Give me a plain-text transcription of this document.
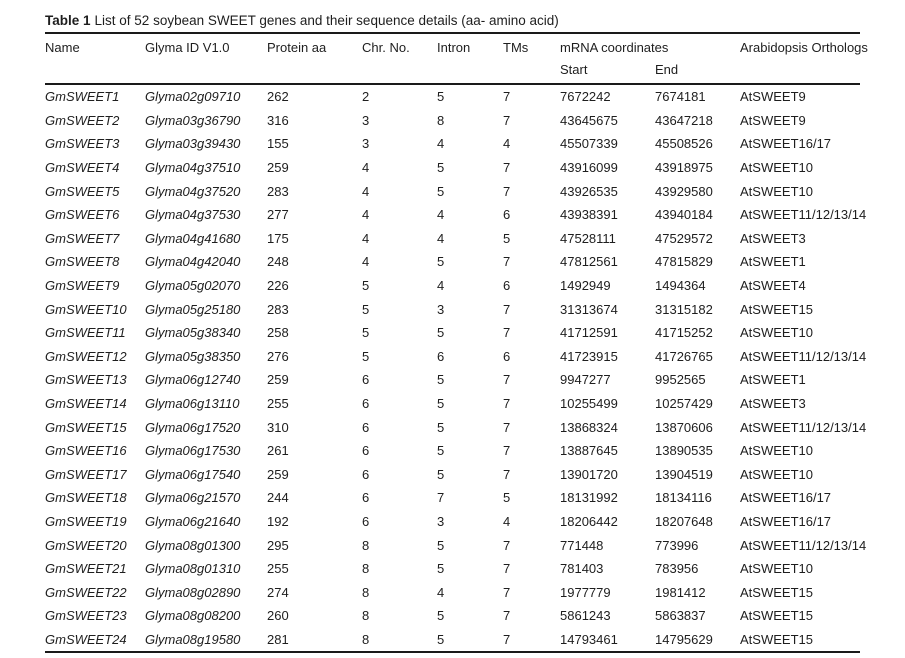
Table 1 List of 52 soybean SWEET genes and their sequence details (aa- amino acid)
Name	Glyma ID V1.0	Protein aa	Chr. No.	Intron	TMs	mRNA coordinates	Arabidopsis Orthologs
Start	End
GmSWEET1	Glyma02g09710	262	2	5	7	7672242	7674181	AtSWEET9
GmSWEET2	Glyma03g36790	316	3	8	7	43645675	43647218	AtSWEET9
GmSWEET3	Glyma03g39430	155	3	4	4	45507339	45508526	AtSWEET16/17
GmSWEET4	Glyma04g37510	259	4	5	7	43916099	43918975	AtSWEET10
GmSWEET5	Glyma04g37520	283	4	5	7	43926535	43929580	AtSWEET10
GmSWEET6	Glyma04g37530	277	4	4	6	43938391	43940184	AtSWEET11/12/13/14
GmSWEET7	Glyma04g41680	175	4	4	5	47528111	47529572	AtSWEET3
GmSWEET8	Glyma04g42040	248	4	5	7	47812561	47815829	AtSWEET1
GmSWEET9	Glyma05g02070	226	5	4	6	1492949	1494364	AtSWEET4
GmSWEET10	Glyma05g25180	283	5	3	7	31313674	31315182	AtSWEET15
GmSWEET11	Glyma05g38340	258	5	5	7	41712591	41715252	AtSWEET10
GmSWEET12	Glyma05g38350	276	5	6	6	41723915	41726765	AtSWEET11/12/13/14
GmSWEET13	Glyma06g12740	259	6	5	7	9947277	9952565	AtSWEET1
GmSWEET14	Glyma06g13110	255	6	5	7	10255499	10257429	AtSWEET3
GmSWEET15	Glyma06g17520	310	6	5	7	13868324	13870606	AtSWEET11/12/13/14
GmSWEET16	Glyma06g17530	261	6	5	7	13887645	13890535	AtSWEET10
GmSWEET17	Glyma06g17540	259	6	5	7	13901720	13904519	AtSWEET10
GmSWEET18	Glyma06g21570	244	6	7	5	18131992	18134116	AtSWEET16/17
GmSWEET19	Glyma06g21640	192	6	3	4	18206442	18207648	AtSWEET16/17
GmSWEET20	Glyma08g01300	295	8	5	7	771448	773996	AtSWEET11/12/13/14
GmSWEET21	Glyma08g01310	255	8	5	7	781403	783956	AtSWEET10
GmSWEET22	Glyma08g02890	274	8	4	7	1977779	1981412	AtSWEET15
GmSWEET23	Glyma08g08200	260	8	5	7	5861243	5863837	AtSWEET15
GmSWEET24	Glyma08g19580	281	8	5	7	14793461	14795629	AtSWEET15
